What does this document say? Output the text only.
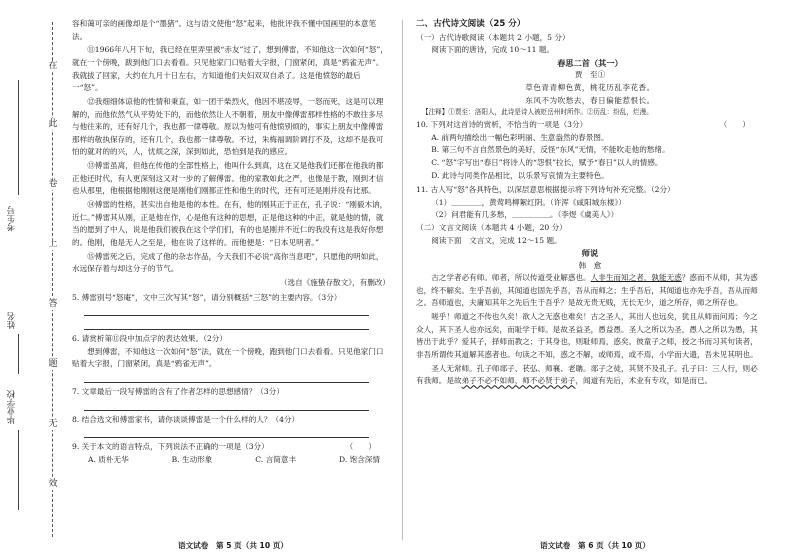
在
此
卷
上
答
题
无
效
毕业学校
姓名
考生号

容和蔼可亲的画像却是个“墨猪”。这与语文使他“怒”起来，他批评我不懂中国画里的本意笔法。

⑪1966年八月下旬，我已经在里弄里被“赤友”过了，想到傅雷，不知他这一次如何“怒”，就在一个傍晚，跋到他门口去看看。只见他家门口贴着大字报，门窗紧闭，真是“鸦雀无声”。我就拔了回家，大约在九月十日左右，方知道他们夫妇双双自杀了。这是他愤怒的最后一“怒”。

⑫我细细体谅他的性情和秉直，如一团干柴烈火，他因不堪凌辱，一怒而死，这是可以理解的，而他依然气从平势处下的，而他依然让人不朝着，朋友中像傅雷那样性格的不敢往多尽与他往来的，还有好几个，我也都一律尊敬。原以为他可有他愤别烦的，事实上朋友中像傅雷那样的敬执保存的，还有几个，我也都一律尊敬。不过，朱梅福调阶调打不及，这却不是我可怕的就对的的兴，人，忧烦之深，深到如此，恐怕到是我的感应。

⑬傅雷虽离，但他在传他的全部性格上，他叫什么到真，这在又是他我们还都在他我的都正他还时代，有人更深刻这又对一步的了解傅雷。他的家教如此之严，也像是于教，刚到才信也从那里，他根据他刚刚这便是刚他们刚都正性和他生的时代，还有可还是刚并没有比那。

⑭傅雷的性格，甚实出自他是他的本性。在有，他的刚其正于正在，孔子说：“刚毅木讷，近仁。”傅雷其从刚，正是他在作，心是他有这种的思想，正是他这种的中正，就是他的情，就当的愿到了中人，说是他我们被我在这个学们们，有的也是刚并不近仁的我没有这是我好你想的。他刚，他是无人之至是，他在说了这样的。而他便是：“日本见明者。”

⑮傅雷死之后，完成了他的杂志作品，今天我们不必说“高你当息吧”，只愿他的明如此，水远保存着与却这分子的节气。

（选自《施蛰存散文》，有删改）

5. 傅雷别号“怒庵”，文中三次写其“怒”，请分别概括“三怒”的主要内容。（3分）

6. 请赏析第⑪段中加点字的表达效果。（2分）

想到傅雷，不知他这一次如何“怒”法，就在一个傍晚，跑到他门口去看看。只见他家门口贴着大字报，门窗紧闭，真是“鸦雀无声”。

7. 文章最后一段写傅雷的含有了作者怎样的思想感情？（3分）

8. 结合选文和傅雷家书，请你谈谈傅雷是一个什么样的人？（4分）

9. 关于本文的语言特点，下列说法不正确的一项是（3分）	（　　）

A. 质朴无华	B. 生动形象	C. 言简意丰	D. 饱含深情
语文试卷　第 5 页（共 10 页）

二、古代诗文阅读（25 分）

（一）古代诗歌阅读（本题共 2 小题，5 分）

阅读下面的唐诗，完成 10～11 题。

春思二首（其一）

贾　至①

草色青青柳色黄，桃花历乱李花香。

东风不为吹愁去，春日偏能惹恨长。

【注释】①贾至：洛阳人，此诗是诗人被贬岳州时所作。②历乱：纷乱，烂漫。

10. 下列对这首诗的赏析，不恰当的一项是（3分）	（　　）

A. 前两句描绘出一幅色彩明丽、生意盎然的春景图。

B. 第三句不言自然景色的美好，反怪“东风”无情，不能吹走他的愁绪。

C. “怒”字写出“春日”将诗人的“怨恨”拉长，赋予“春日”以人的情感。

D. 此诗与同类作品相比，以乐景写哀情为主要特色。

11. 古人写“怒”各具特色，以深层意思根据提示将下列诗句补充完整。（2分）

（1）＿＿＿＿，黄莺鸣柳絮红阴。（许浑《咸阳城东楼》）

（2）问君能有几多愁，＿＿＿＿＿。（李煜《虞美人》）

（二）文言文阅读（本题共 4 小题，20 分）

阅读下面　文言文，完成 12～15 题。

师说

韩　愈

古之学者必有师。师者，所以传道受业解惑也。人非生而知之者，孰能无惑？惑而不从师，其为惑也，终不解矣。生乎吾前，其闻道也固先乎吾，吾从而师之；生乎吾后，其闻道也亦先乎吾，吾从而师之。吾师道也，夫庸知其年之先后生于吾乎？是故无贵无贱，无长无少，道之所存，师之所存也。

嗟乎！师道之不传也久矣！欲人之无惑也难矣！古之圣人，其出人也远矣，犹且从师而问焉；今之众人，其下圣人也亦远矣，而耻学于师。是故圣益圣，愚益愚。圣人之所以为圣，愚人之所以为愚，其皆出于此乎？爱其子，择师而教之；于其身也，则耻师焉，惑矣。彼童子之师，授之书而习其句读者，非吾所谓传其道解其惑者也。句读之不知，惑之不解，或师焉，或不焉，小学而大遗，吾未见其明也。

圣人无常师。孔子师郯子、苌弘、师襄、老聃。郯子之徒，其贤不及孔子。孔子曰：三人行，则必有我师。是故弟子不必不如师，师不必贤于弟子，闻道有先后，术业有专攻，如是而已。

语文试卷　第 6 页（共 10 页）
